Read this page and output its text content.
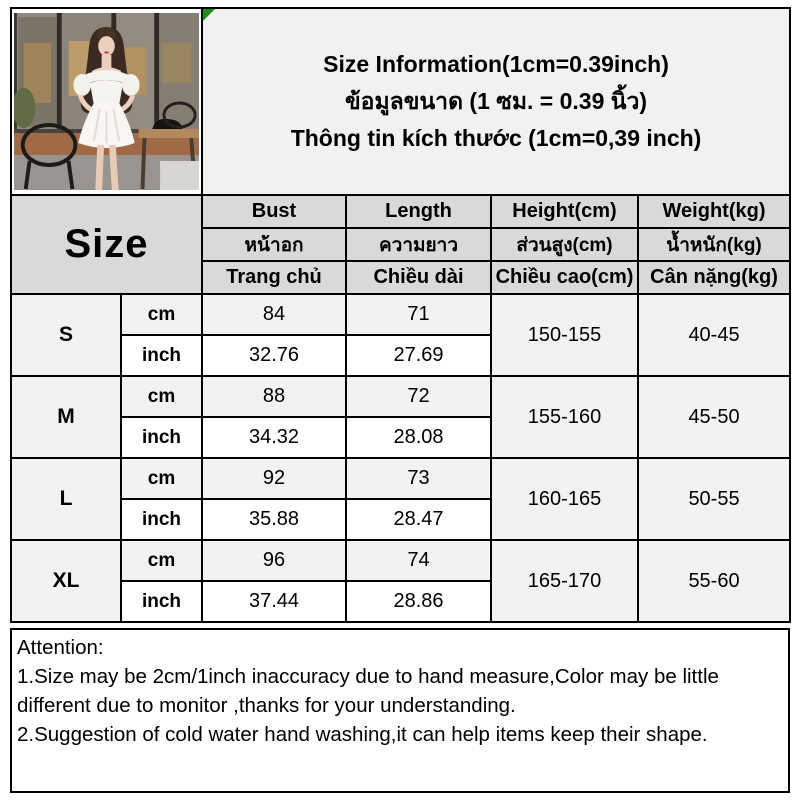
Size Information(1cm=0.39inch)
ข้อมูลขนาด (1 ซม. = 0.39 นิ้ว)
Thông tin kích thước (1cm=0,39 inch)			

Size		Bust	Length	Height(cm)	Weight(kg)
		หน้าอก	ความยาว	ส่วนสูง(cm)	น้ำหนัก(kg)
		Trang chủ	Chiều dài	Chiều cao(cm)	Cân nặng(kg)
S	cm	84	71	150-155	40-45
	inch	32.76	27.69		
M	cm	88	72	155-160	45-50
	inch	34.32	28.08		
L	cm	92	73	160-165	50-55
	inch	35.88	28.47		
XL	cm	96	74	165-170	55-60
	inch	37.44	28.86		

Attention:

1.Size may be 2cm/1inch inaccuracy due to hand measure,Color may be little different due to monitor ,thanks for your understanding.

2.Suggestion of cold water hand washing,it can help items keep their shape.
